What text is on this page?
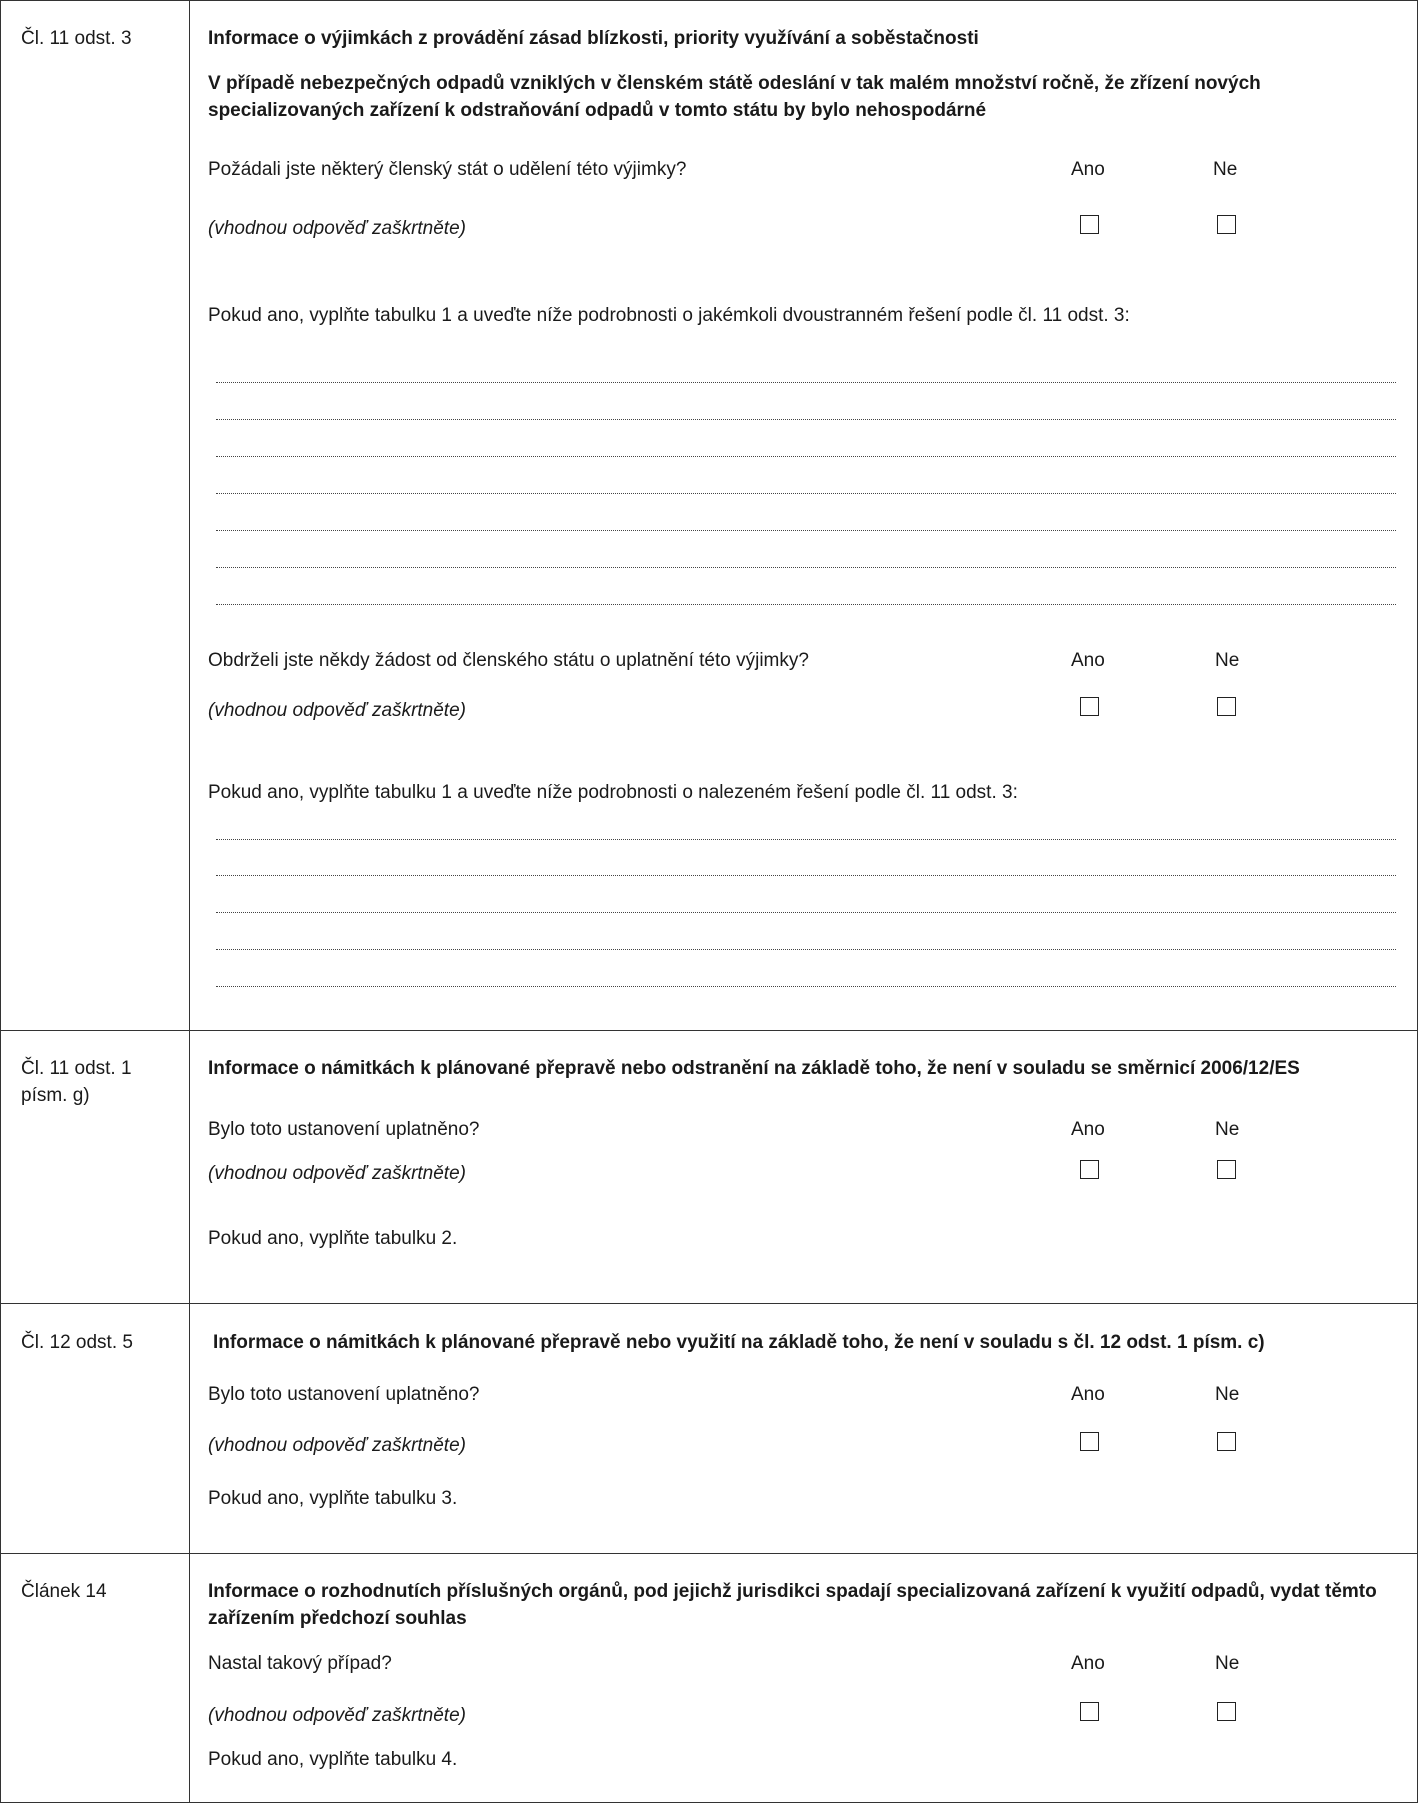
Čl. 11 odst. 3	Informace o výjimkách z provádění zásad blízkosti, priority využívání a soběstačnosti
V případě nebezpečných odpadů vzniklých v členském státě odeslání v tak malém množství ročně, že zřízení nových
specializovaných zařízení k odstraňování odpadů v tomto státu by bylo nehospodárné
Požádali jste některý členský stát o udělení této výjimky?	Ano	Ne
(vhodnou odpověď zaškrtněte)
Pokud ano, vyplňte tabulku 1 a uveďte níže podrobnosti o jakémkoli dvoustranném řešení podle čl. 11 odst. 3:
Obdrželi jste někdy žádost od členského státu o uplatnění této výjimky?	Ano	Ne
(vhodnou odpověď zaškrtněte)
Pokud ano, vyplňte tabulku 1 a uveďte níže podrobnosti o nalezeném řešení podle čl. 11 odst. 3:
Čl. 11 odst. 1
písm. g)
Informace o námitkách k plánované přepravě nebo odstranění na základě toho, že není v souladu se směrnicí 2006/12/ES
Bylo toto ustanovení uplatněno?	Ano	Ne
(vhodnou odpověď zaškrtněte)
Pokud ano, vyplňte tabulku 2.
Čl. 12 odst. 5	Informace o námitkách k plánované přepravě nebo využití na základě toho, že není v souladu s čl. 12 odst. 1 písm. c)
Bylo toto ustanovení uplatněno?	Ano	Ne
(vhodnou odpověď zaškrtněte)
Pokud ano, vyplňte tabulku 3.
Článek 14	Informace o rozhodnutích příslušných orgánů, pod jejichž jurisdikci spadají specializovaná zařízení k využití odpadů, vydat těmto
zařízením předchozí souhlas
Nastal takový případ?	Ano	Ne
(vhodnou odpověď zaškrtněte)
Pokud ano, vyplňte tabulku 4.
